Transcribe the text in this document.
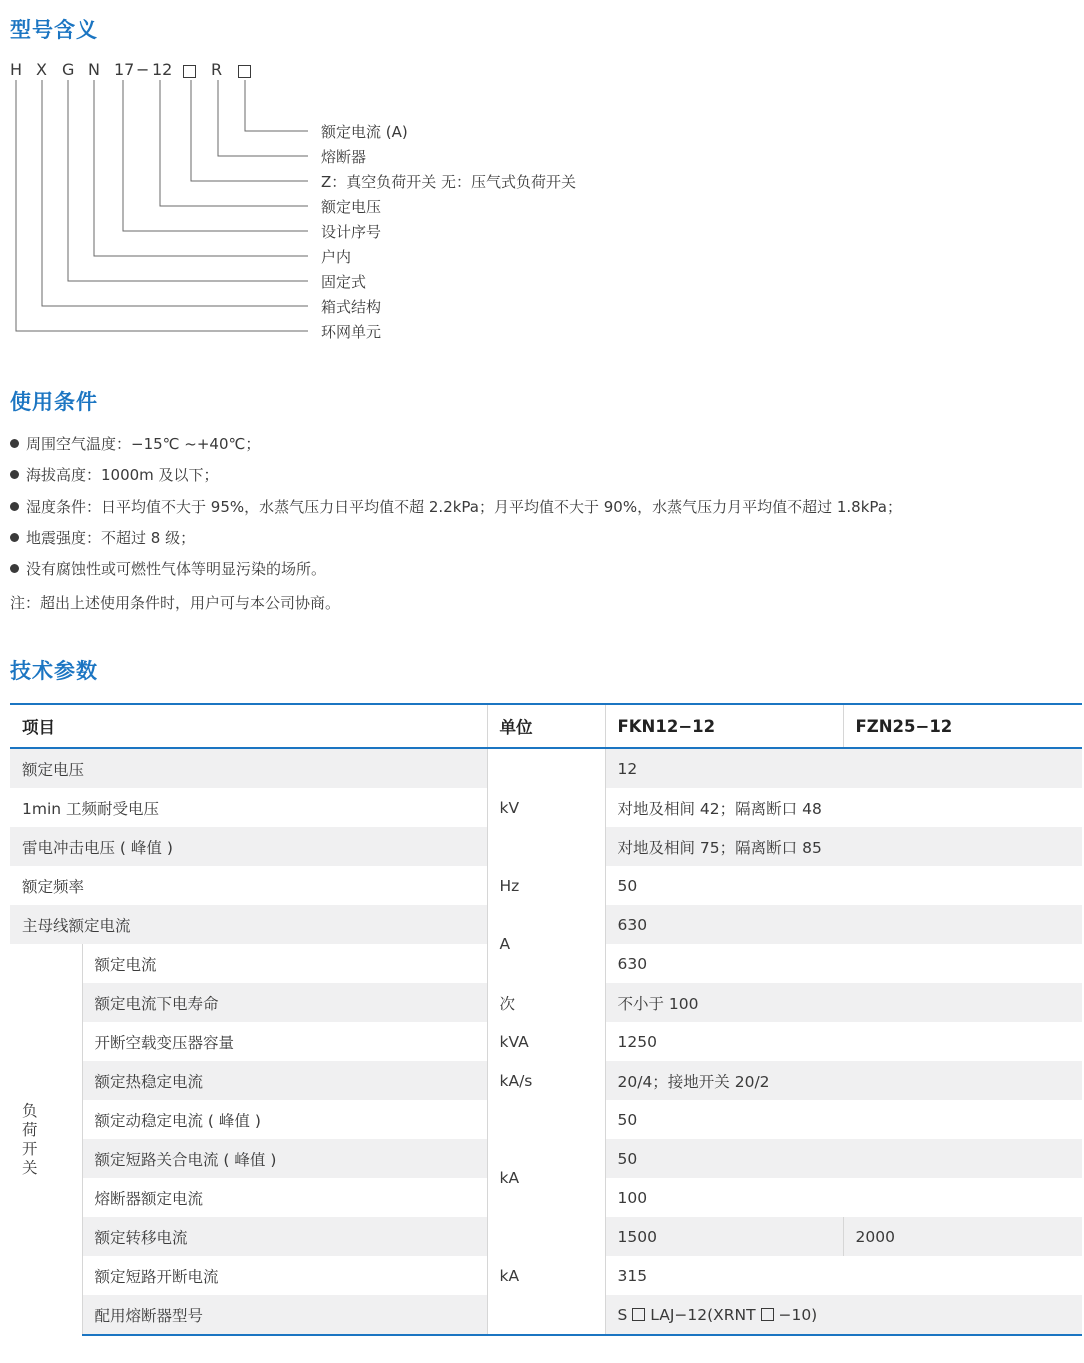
型号含义
H X G N 17 − 12 R
额定电流 (A)
熔断器
Z：真空负荷开关 无：压气式负荷开关
额定电压
设计序号
户内
固定式
箱式结构
环网单元
使用条件
周围空气温度：−15℃ ~+40℃；
海拔高度：1000m 及以下；
湿度条件：日平均值不大于 95%，水蒸气压力日平均值不超 2.2kPa；月平均值不大于 90%，水蒸气压力月平均值不超过 1.8kPa；
地震强度：不超过 8 级；
没有腐蚀性或可燃性气体等明显污染的场所。
注：超出上述使用条件时，用户可与本公司协商。
技术参数
项目		单位	FKN12−12	FZN25−12
额定电压		kV	12	
1min 工频耐受电压			对地及相间 42；隔离断口 48	
雷电冲击电压 ( 峰值 )			对地及相间 75；隔离断口 85	
额定频率		Hz	50	
主母线额定电流		A	630	

负荷开关	额定电流		630	
	额定电流下电寿命	次	不小于 100	
	开断空载变压器容量	kVA	1250	
	额定热稳定电流	kA/s	20/4；接地开关 20/2	
	额定动稳定电流 ( 峰值 )	kA	50	
	额定短路关合电流 ( 峰值 )		50	
	熔断器额定电流		100	
	额定转移电流		1500	2000
	额定短路开断电流	kA	315	
	配用熔断器型号		S LAJ−12(XRNT −10)	
